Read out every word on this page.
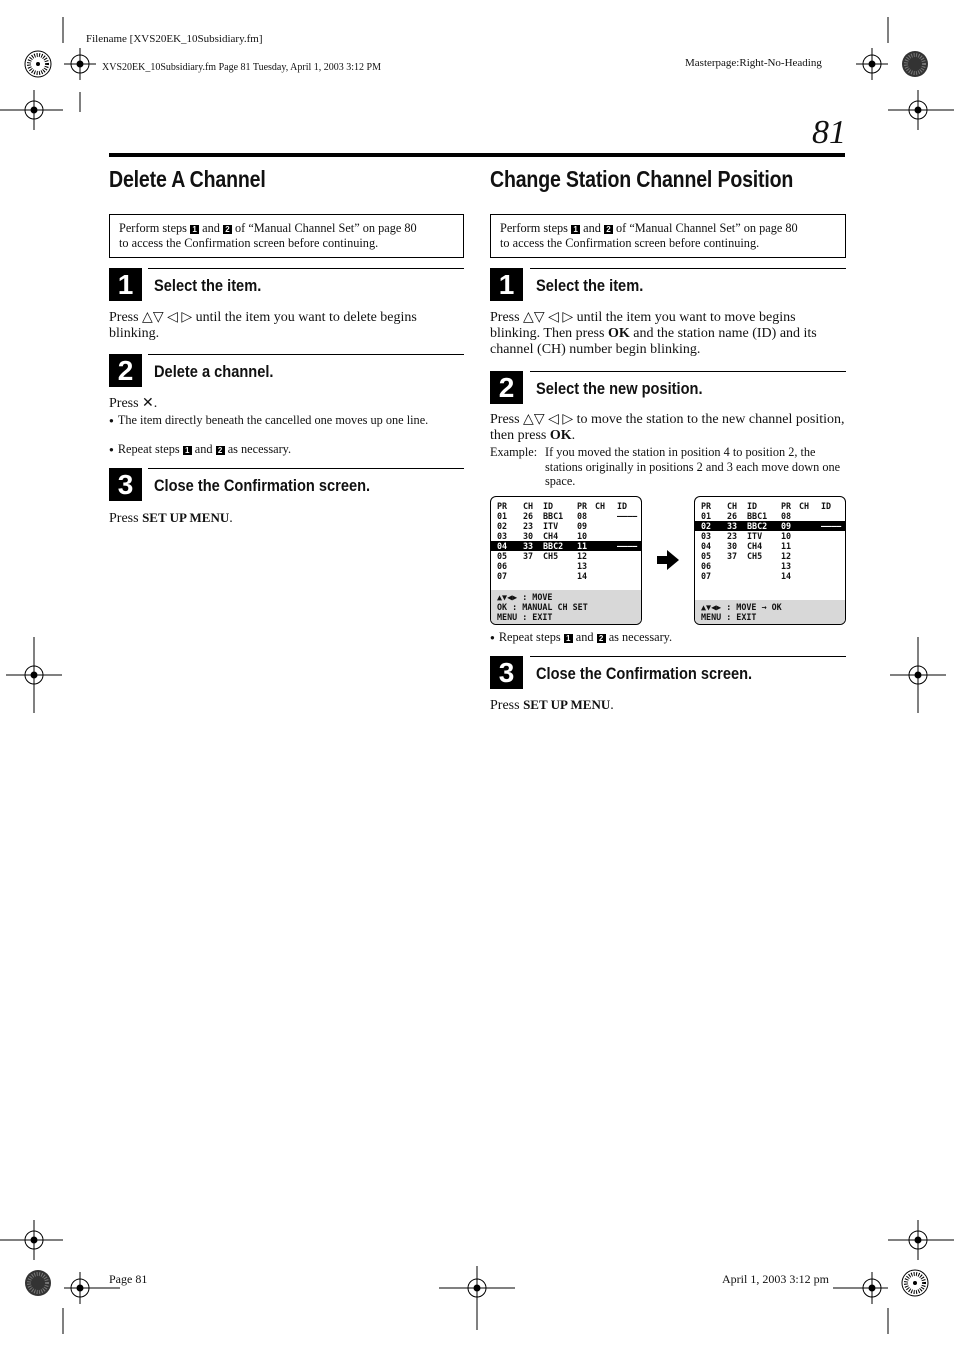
Filename [XVS20EK_10Subsidiary.fm]
XVS20EK_10Subsidiary.fm Page 81 Tuesday, April 1, 2003 3:12 PM	Masterpage:Right-No-Heading
81
Delete A Channel
Perform steps 1 and 2 of “Manual Channel Set” on page 80
to access the Confirmation screen before continuing.
1	Select the item.
Press △▽ ◁ ▷ until the item you want to delete begins blinking.
2	Delete a channel.
Press ✕.
● The item directly beneath the cancelled one moves up one line.
● Repeat steps 1 and 2 as necessary.
3	Close the Confirmation screen.
Press SET UP MENU.
Change Station Channel Position
Perform steps 1 and 2 of “Manual Channel Set” on page 80
to access the Confirmation screen before continuing.
1	Select the item.
Press △▽ ◁ ▷ until the item you want to move begins blinking. Then press OK and the station name (ID) and its channel (CH) number begin blinking.
2	Select the new position.
Press △▽ ◁ ▷ to move the station to the new channel position, then press OK.
Example: If you moved the station in position 4 to position 2, the stations originally in positions 2 and 3 each move down one space.
PR CH ID	PR CH ID
01 26 BBC1 08	––––
02 23 ITV 09
03 30 CH4 10
04 33 BBC2 11	––––
05 37 CH5 12
06	13
07	14
▲▼◀▶ : MOVE
OK : MANUAL CH SET
MENU : EXIT
PR CH ID	PR CH ID
01 26 BBC1 08
02 33 BBC2 09	––––
03 23 ITV 10
04 30 CH4 11
05 37 CH5 12
06	13
07	14
▲▼◀▶ : MOVE → OK
MENU : EXIT
● Repeat steps 1 and 2 as necessary.
3	Close the Confirmation screen.
Press SET UP MENU.
Page 81	April 1, 2003 3:12 pm
